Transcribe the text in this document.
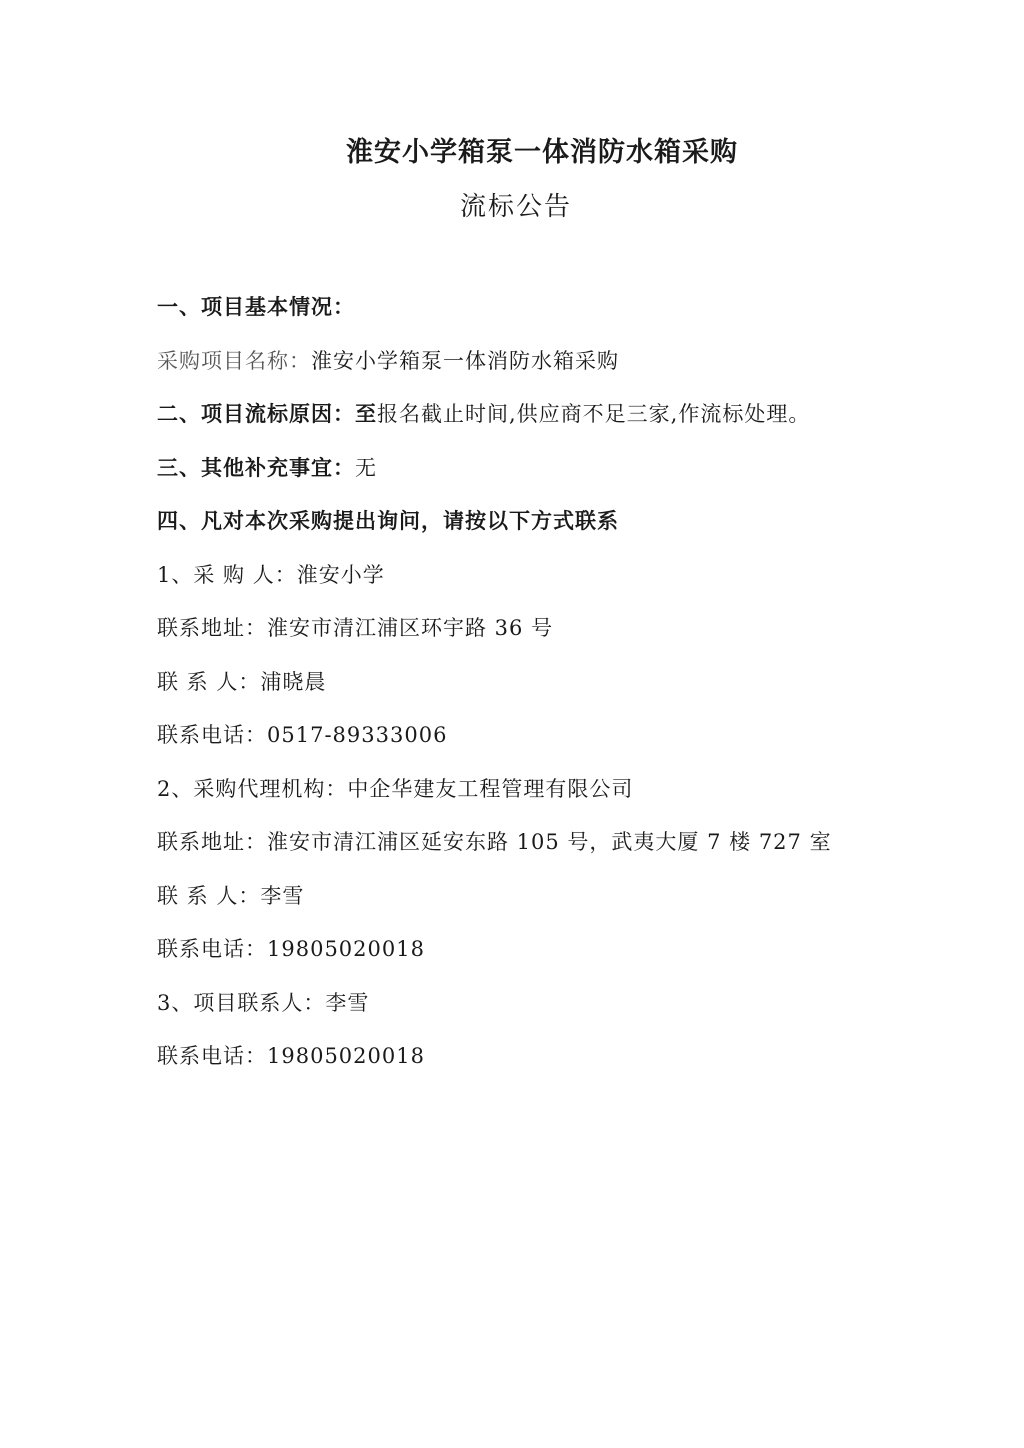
淮安小学箱泵一体消防水箱采购
流标公告
一、项目基本情况：
采购项目名称：淮安小学箱泵一体消防水箱采购
二、项目流标原因：至报名截止时间,供应商不足三家,作流标处理。
三、其他补充事宜：无
四、凡对本次采购提出询问，请按以下方式联系
1、采 购 人：淮安小学
联系地址：淮安市清江浦区环宇路 36 号
联 系 人：浦晓晨
联系电话：0517-89333006
2、采购代理机构：中企华建友工程管理有限公司
联系地址：淮安市清江浦区延安东路 105 号，武夷大厦 7 楼 727 室
联 系 人：李雪
联系电话：19805020018
3、项目联系人：李雪
联系电话：19805020018
